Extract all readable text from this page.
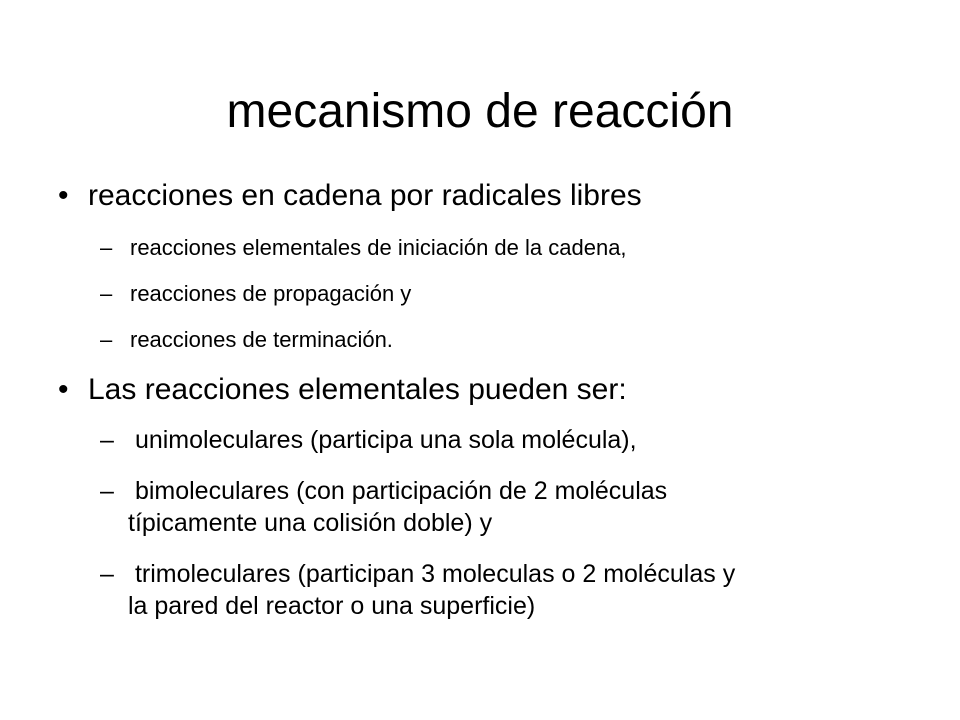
mecanismo de reacción
• reacciones en cadena por radicales libres
– reacciones elementales de iniciación de la cadena,
– reacciones de propagación y
– reacciones de terminación.
• Las reacciones elementales pueden ser:
– unimoleculares (participa una sola molécula),
– bimoleculares (con participación de 2 moléculas
típicamente una colisión doble) y
– trimoleculares (participan 3 moleculas o 2 moléculas y
la pared del reactor o una superficie)
